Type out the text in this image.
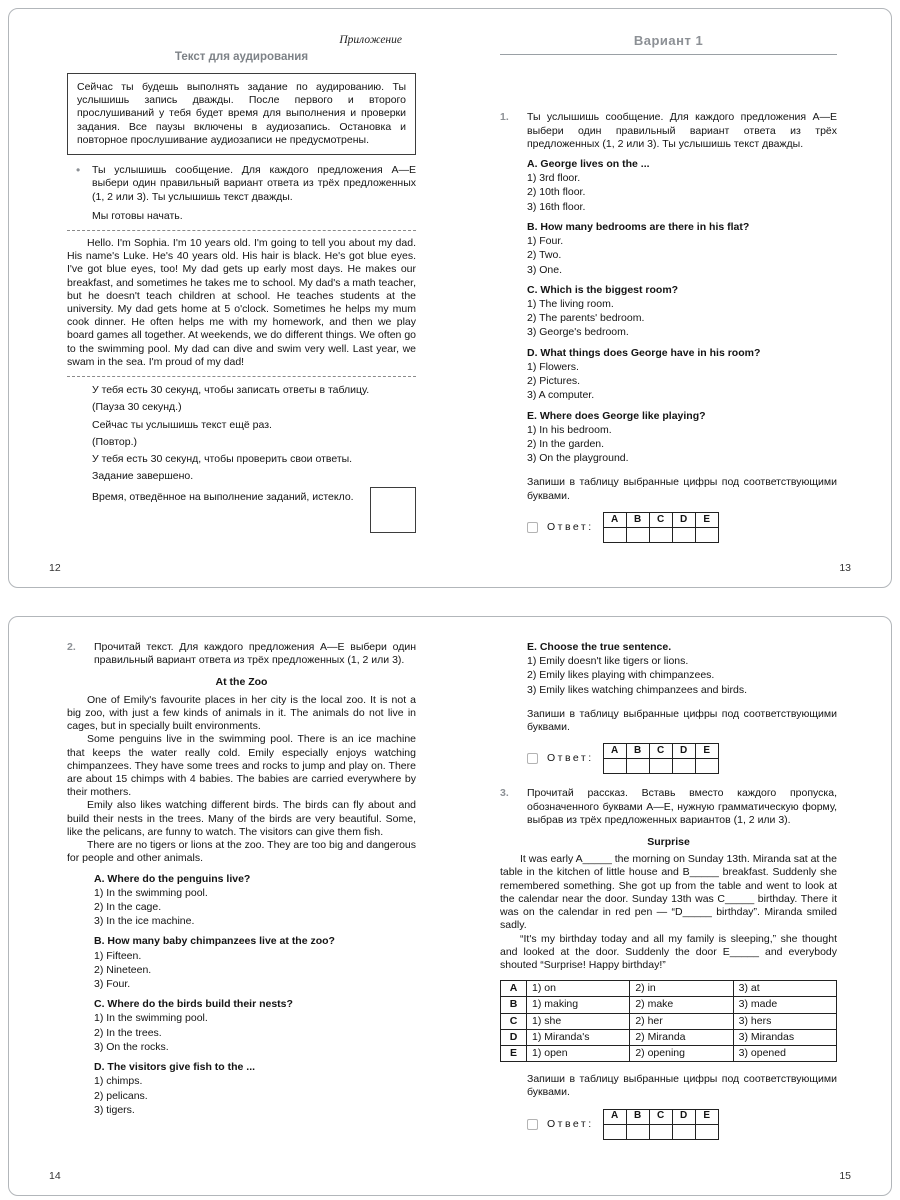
Приложение
Текст для аудирования

Сейчас ты будешь выполнять задание по аудированию. Ты услышишь запись дважды. После первого и второго прослушиваний у тебя будет время для выполнения и проверки задания. Все паузы включены в аудиозапись. Остановка и повторное прослушивание аудиозаписи не предусмотрены.

• Ты услышишь сообщение. Для каждого предложения А—Е выбери один правильный вариант ответа из трёх предложенных (1, 2 или 3). Ты услышишь текст дважды.

Мы готовы начать.

Hello. I'm Sophia. I'm 10 years old. I'm going to tell you about my dad. His name's Luke. He's 40 years old. His hair is black. He's got blue eyes. I've got blue eyes, too! My dad gets up early most days. He makes our breakfast, and sometimes he takes me to school. My dad's a math teacher, but he doesn't teach children at school. He teaches students at the university. My dad gets home at 5 o'clock. Sometimes he helps my mum cook dinner. He often helps me with my homework, and then we play board games all together. At weekends, we do different things. We often go to the swimming pool. My dad can dive and swim very well. Last year, we swam in the sea. I'm proud of my dad!

У тебя есть 30 секунд, чтобы записать ответы в таблицу.

(Пауза 30 секунд.)

Сейчас ты услышишь текст ещё раз.

(Повтор.)

У тебя есть 30 секунд, чтобы проверить свои ответы.

Задание завершено.

Время, отведённое на выполнение заданий, истекло.

12
Вариант 1
1.	Ты услышишь сообщение. Для каждого предложения А—Е выбери один правильный вариант ответа из трёх предложенных (1, 2 или 3). Ты услышишь текст дважды.

A. George lives on the ...
1) 3rd floor.
2) 10th floor.
3) 16th floor.
B. How many bedrooms are there in his flat?
1) Four.
2) Two.
3) One.
C. Which is the biggest room?
1) The living room.
2) The parents' bedroom.
3) George's bedroom.
D. What things does George have in his room?
1) Flowers.
2) Pictures.
3) A computer.
E. Where does George like playing?
1) In his bedroom.
2) In the garden.
3) On the playground.

Запиши в таблицу выбранные цифры под соответствующими буквами.

Ответ:
A	B	C	D	E

13
2.	Прочитай текст. Для каждого предложения А—Е выбери один правильный вариант ответа из трёх предложенных (1, 2 или 3).

At the Zoo

One of Emily's favourite places in her city is the local zoo. It is not a big zoo, with just a few kinds of animals in it. The animals do not live in cages, but in specially built environments.

Some penguins live in the swimming pool. There is an ice machine that keeps the water really cold. Emily especially enjoys watching chimpanzees. They have some trees and rocks to jump and play on. There are about 15 chimps with 4 babies. The babies are carried everywhere by their mothers.

Emily also likes watching different birds. The birds can fly about and build their nests in the trees. Many of the birds are very beautiful. Some, like the pelicans, are funny to watch. The visitors can give them fish.

There are no tigers or lions at the zoo. They are too big and dangerous for people and other animals.

A. Where do the penguins live?
1) In the swimming pool.
2) In the cage.
3) In the ice machine.
B. How many baby chimpanzees live at the zoo?
1) Fifteen.
2) Nineteen.
3) Four.
C. Where do the birds build their nests?
1) In the swimming pool.
2) In the trees.
3) On the rocks.
D. The visitors give fish to the ...
1) chimps.
2) pelicans.
3) tigers.
14
E. Choose the true sentence.
1) Emily doesn't like tigers or lions.
2) Emily likes playing with chimpanzees.
3) Emily likes watching chimpanzees and birds.

Запиши в таблицу выбранные цифры под соответствующими буквами.

Ответ:
A	B	C	D	E

3.	Прочитай рассказ. Вставь вместо каждого пропуска, обозначенного буквами А—Е, нужную грамматическую форму, выбрав из трёх предложенных вариантов (1, 2 или 3).

Surprise

It was early A_____ the morning on Sunday 13th. Miranda sat at the table in the kitchen of little house and B_____ breakfast. Suddenly she remembered something. She got up from the table and went to look at the calendar near the door. Sunday 13th was C_____ birthday. There it was on the calendar in red pen — “D_____ birthday”. Miranda smiled sadly.

“It's my birthday today and all my family is sleeping,” she thought and looked at the door. Suddenly the door E_____ and everybody shouted “Surprise! Happy birthday!”

A	1) on	2) in	3) at
B	1) making	2) make	3) made
C	1) she	2) her	3) hers
D	1) Miranda's	2) Miranda	3) Mirandas
E	1) open	2) opening	3) opened

Запиши в таблицу выбранные цифры под соответствующими буквами.

Ответ:
A	B	C	D	E

15
